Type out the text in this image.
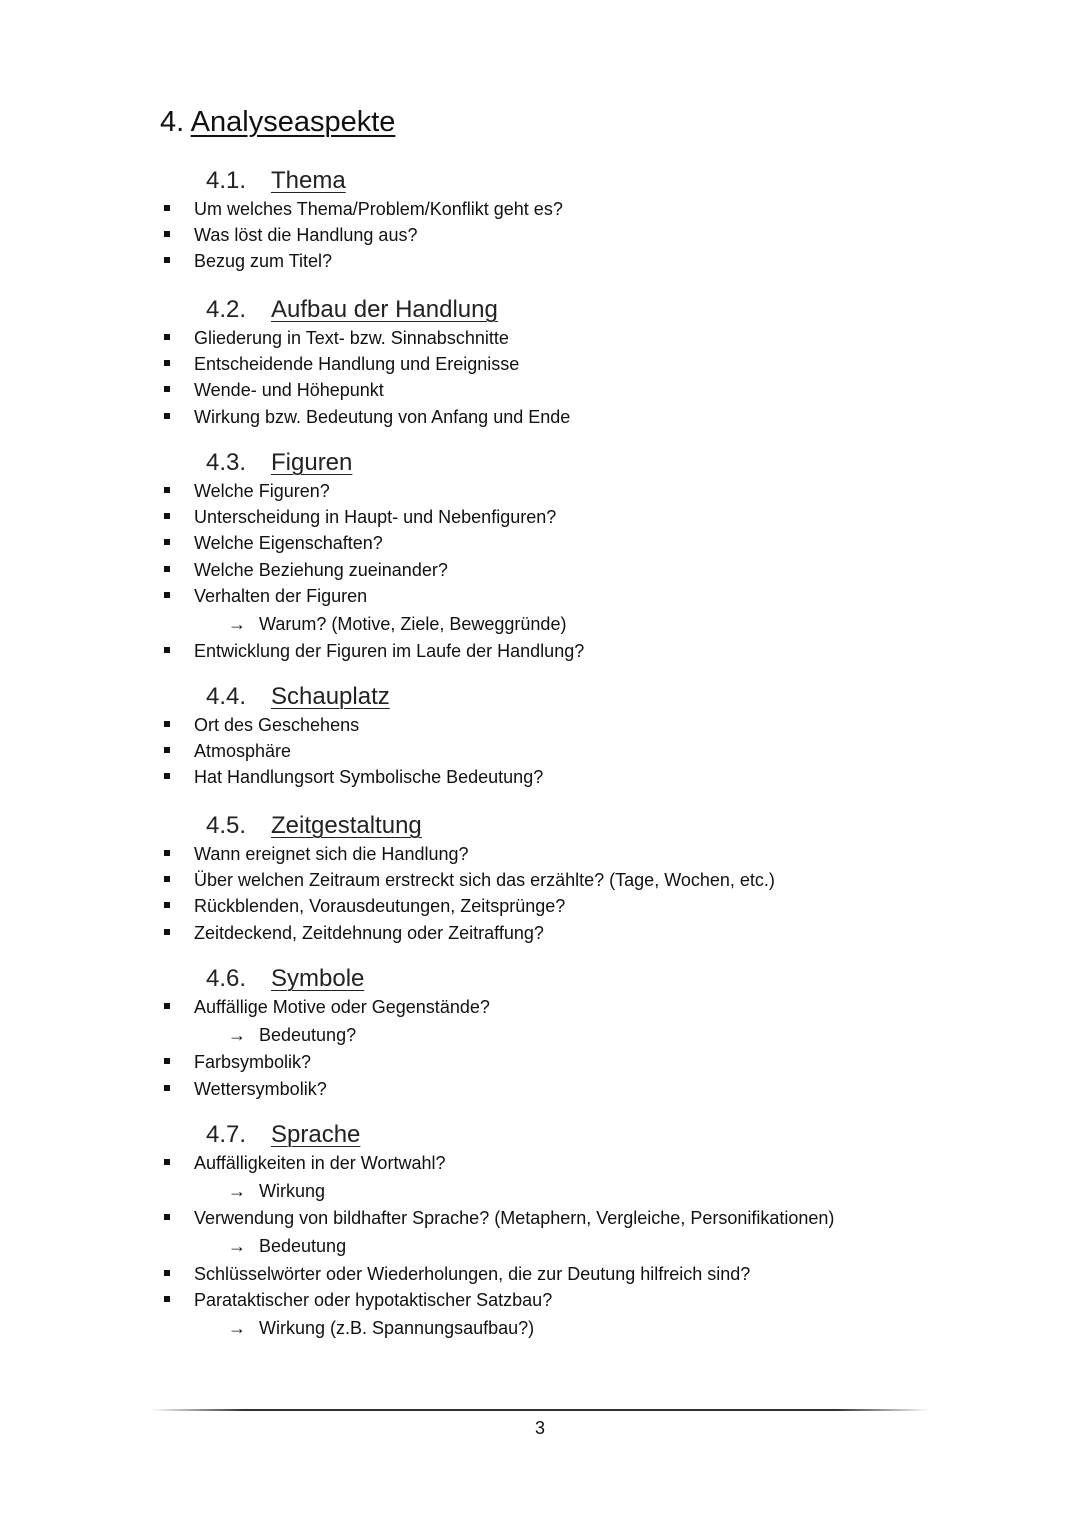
4. Analyseaspekte
4.1. Thema
Um welches Thema/Problem/Konflikt geht es?
Was löst die Handlung aus?
Bezug zum Titel?
4.2. Aufbau der Handlung
Gliederung in Text- bzw. Sinnabschnitte
Entscheidende Handlung und Ereignisse
Wende- und Höhepunkt
Wirkung bzw. Bedeutung von Anfang und Ende
4.3. Figuren
Welche Figuren?
Unterscheidung in Haupt- und Nebenfiguren?
Welche Eigenschaften?
Welche Beziehung zueinander?
Verhalten der Figuren
→ Warum? (Motive, Ziele, Beweggründe)
Entwicklung der Figuren im Laufe der Handlung?
4.4. Schauplatz
Ort des Geschehens
Atmosphäre
Hat Handlungsort Symbolische Bedeutung?
4.5. Zeitgestaltung
Wann ereignet sich die Handlung?
Über welchen Zeitraum erstreckt sich das erzählte? (Tage, Wochen, etc.)
Rückblenden, Vorausdeutungen, Zeitsprünge?
Zeitdeckend, Zeitdehnung oder Zeitraffung?
4.6. Symbole
Auffällige Motive oder Gegenstände?
→ Bedeutung?
Farbsymbolik?
Wettersymbolik?
4.7. Sprache
Auffälligkeiten in der Wortwahl?
→ Wirkung
Verwendung von bildhafter Sprache? (Metaphern, Vergleiche, Personifikationen)
→ Bedeutung
Schlüsselwörter oder Wiederholungen, die zur Deutung hilfreich sind?
Parataktischer oder hypotaktischer Satzbau?
→ Wirkung (z.B. Spannungsaufbau?)
3
